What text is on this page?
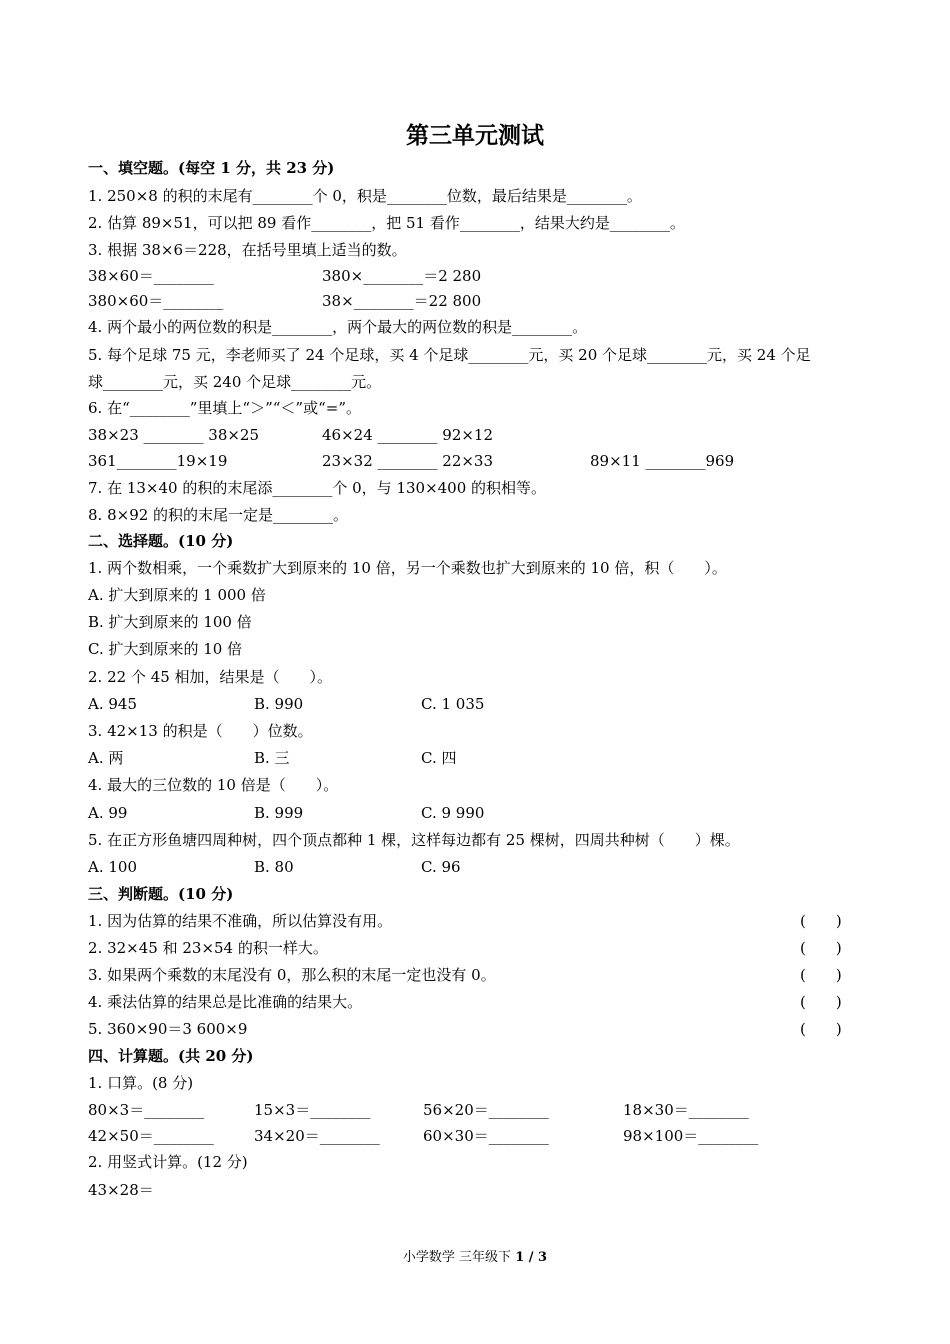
第三单元测试
一、填空题。(每空 1 分，共 23 分)
1. 250×8 的积的末尾有________个 0，积是________位数，最后结果是________。
2. 估算 89×51，可以把 89 看作________，把 51 看作________，结果大约是________。
3. 根据 38×6＝228，在括号里填上适当的数。
38×60＝________	380×________＝2 280
380×60＝________	38×________＝22 800
4. 两个最小的两位数的积是________，两个最大的两位数的积是________。
5. 每个足球 75 元，李老师买了 24 个足球，买 4 个足球________元，买 20 个足球________元，买 24 个足
球________元，买 240 个足球________元。
6. 在“________”里填上“＞”“＜”或“=”。
38×23 ________ 38×25	46×24 ________ 92×12
361________19×19	23×32 ________ 22×33	89×11 ________969
7. 在 13×40 的积的末尾添________个 0，与 130×400 的积相等。
8. 8×92 的积的末尾一定是________。
二、选择题。(10 分)
1. 两个数相乘，一个乘数扩大到原来的 10 倍，另一个乘数也扩大到原来的 10 倍，积（　　）。
A. 扩大到原来的 1 000 倍
B. 扩大到原来的 100 倍
C. 扩大到原来的 10 倍
2. 22 个 45 相加，结果是（　　）。
A. 945	B. 990	C. 1 035
3. 42×13 的积是（　　）位数。
A. 两	B. 三	C. 四
4. 最大的三位数的 10 倍是（　　）。
A. 99	B. 999	C. 9 990
5. 在正方形鱼塘四周种树，四个顶点都种 1 棵，这样每边都有 25 棵树，四周共种树（　　）棵。
A. 100	B. 80	C. 96
三、判断题。(10 分)
1. 因为估算的结果不准确，所以估算没有用。	(　　)
2. 32×45 和 23×54 的积一样大。	(　　)
3. 如果两个乘数的末尾没有 0，那么积的末尾一定也没有 0。	(　　)
4. 乘法估算的结果总是比准确的结果大。	(　　)
5. 360×90＝3 600×9	(　　)
四、计算题。(共 20 分)
1. 口算。(8 分)
80×3＝________	15×3＝________	56×20＝________	18×30＝________
42×50＝________	34×20＝________	60×30＝________	98×100＝________
2. 用竖式计算。(12 分)
43×28＝
小学数学 三年级下 1 / 3
